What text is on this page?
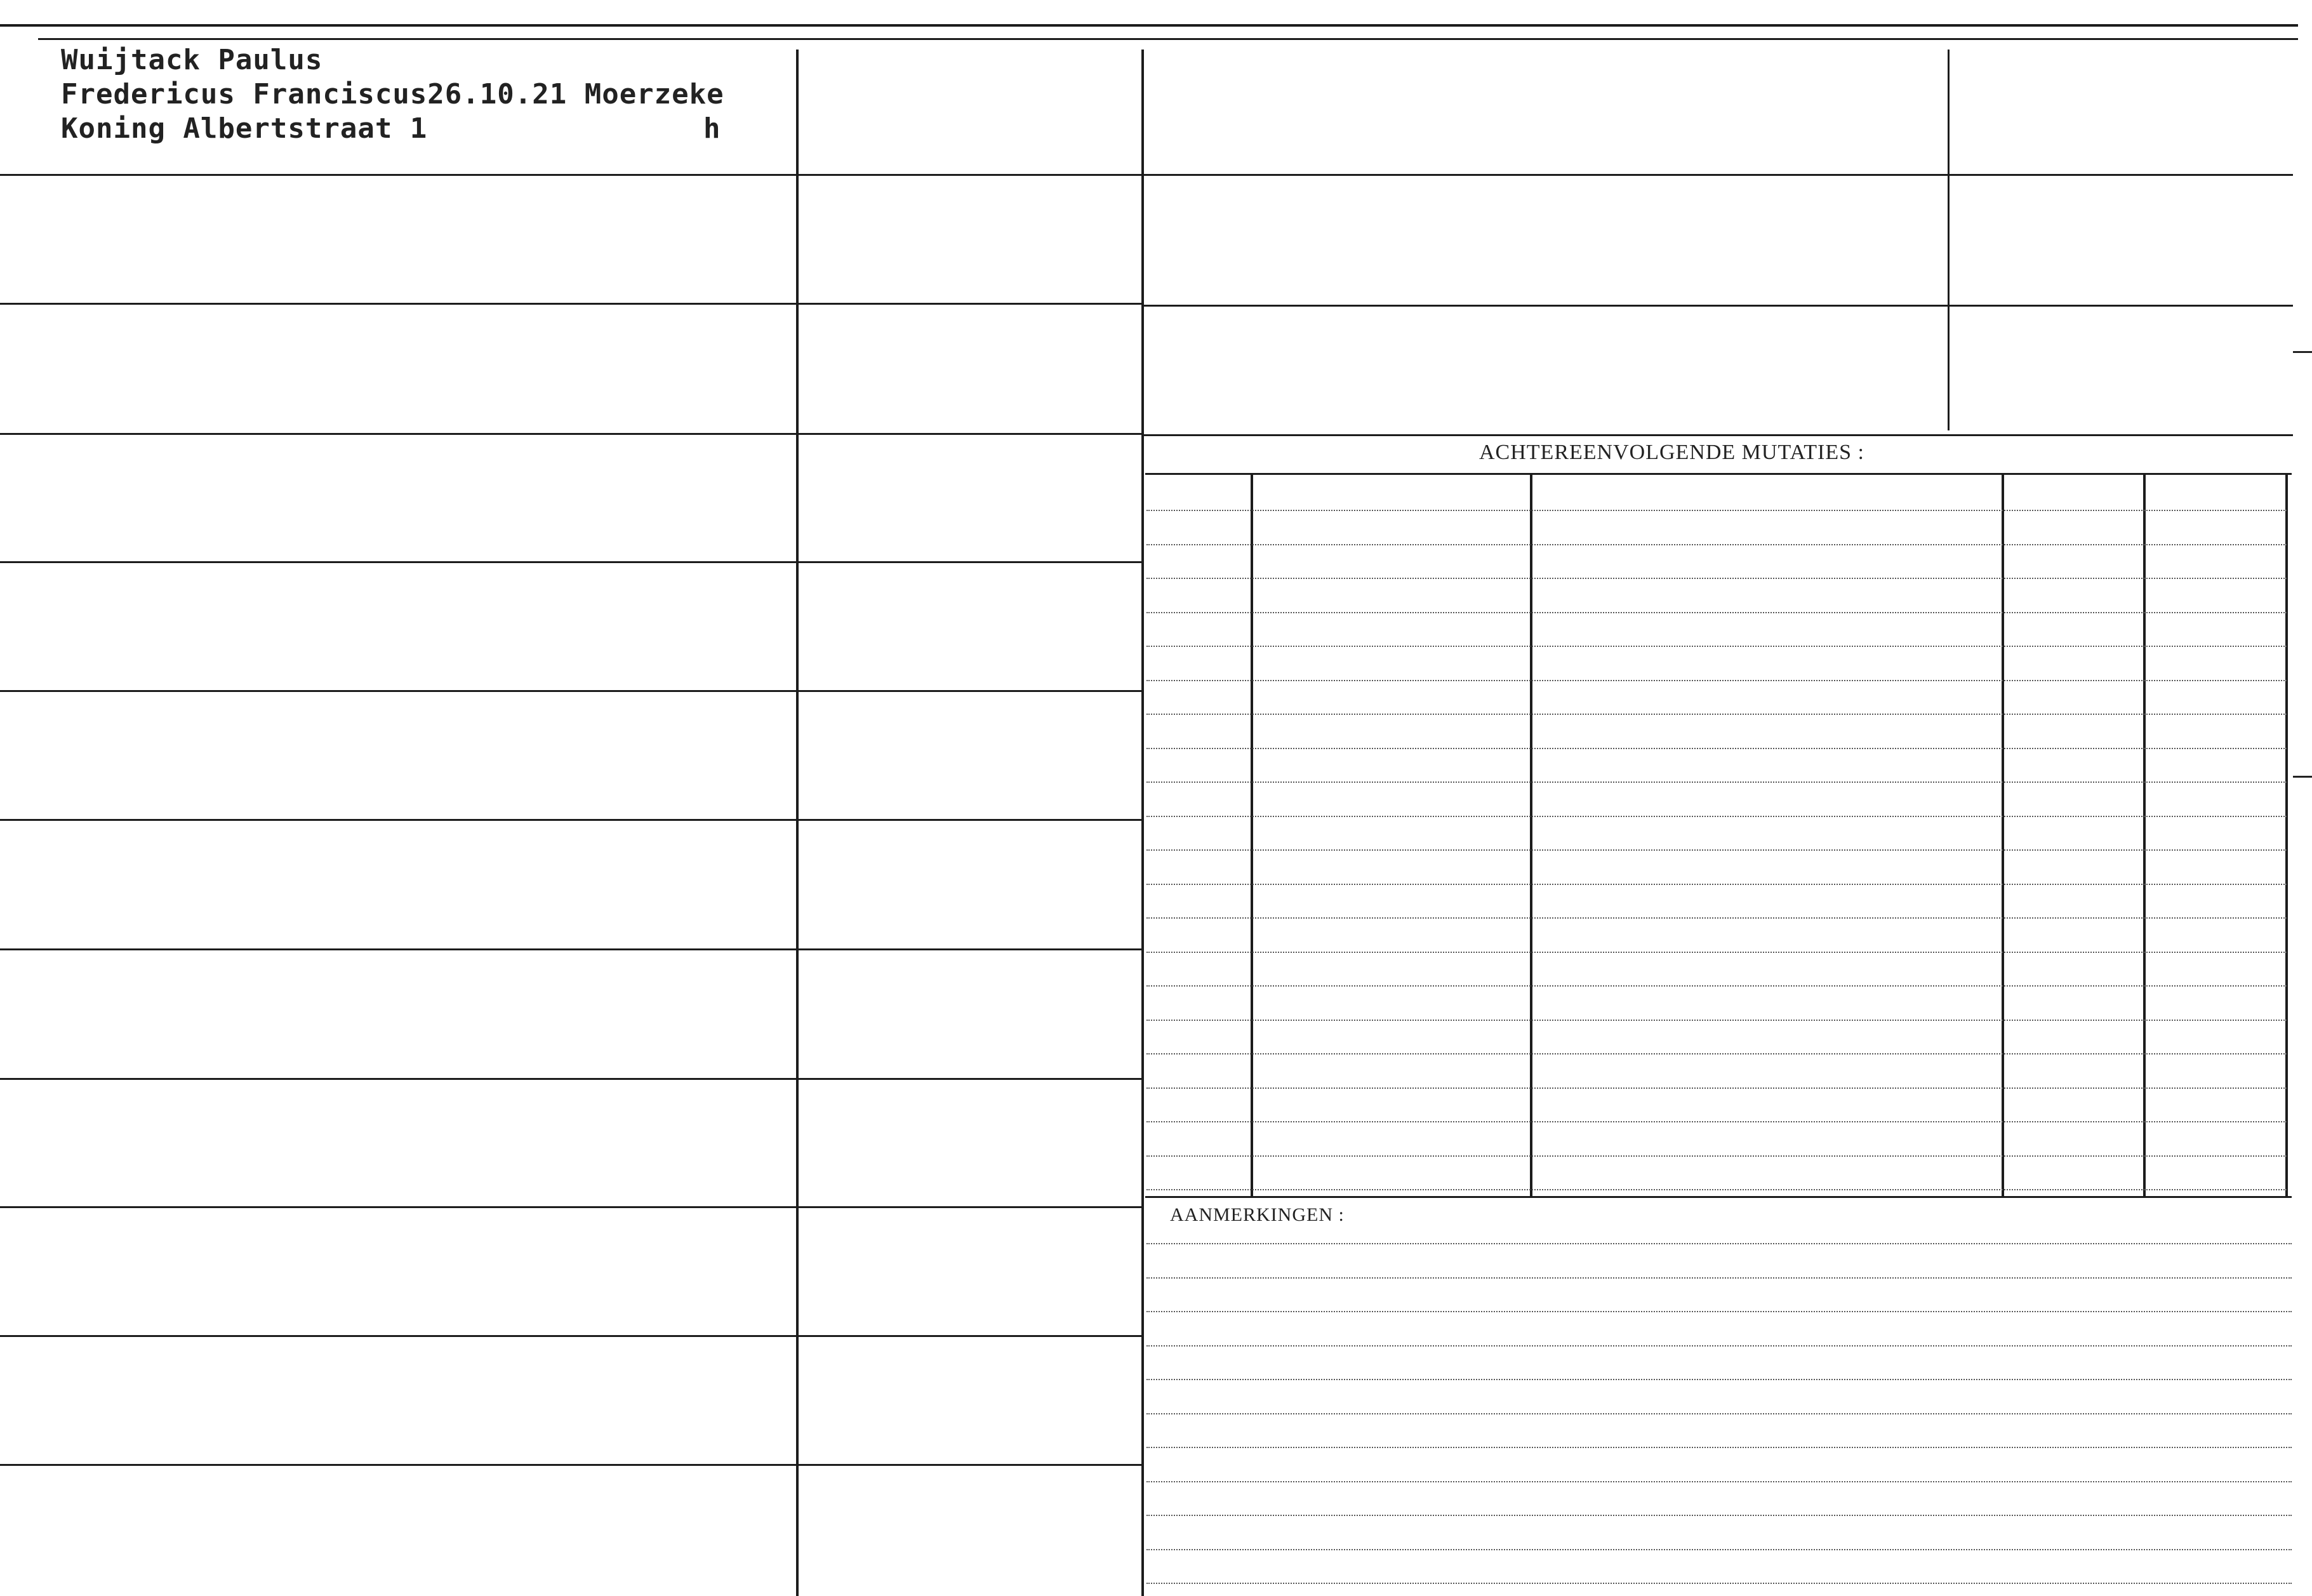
Wuijtack Paulus
Fredericus Franciscus26.10.21 Moerzeke
Koning Albertstraat 1	h
ACHTEREENVOLGENDE MUTATIES :
AANMERKINGEN :
